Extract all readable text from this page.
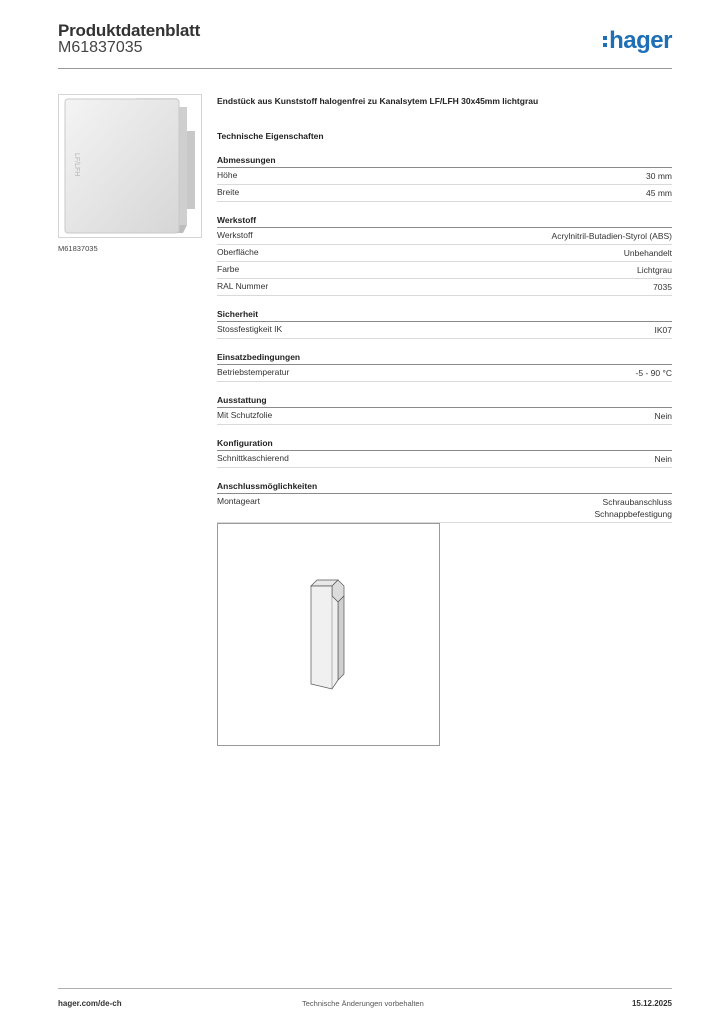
Produktdatenblatt
M61837035	hager
LF/LFH
M61837035
Endstück aus Kunststoff halogenfrei zu Kanalsytem LF/LFH 30x45mm lichtgrau
Technische Eigenschaften
Abmessungen
Höhe	30 mm
Breite	45 mm
Werkstoff
Werkstoff	Acrylnitril-Butadien-Styrol (ABS)
Oberfläche	Unbehandelt
Farbe	Lichtgrau
RAL Nummer	7035
Sicherheit
Stossfestigkeit IK	IK07
Einsatzbedingungen
Betriebstemperatur	-5 - 90 °C
Ausstattung
Mit Schutzfolie	Nein
Konfiguration
Schnittkaschierend	Nein
Anschlussmöglichkeiten
Montageart	Schraubanschluss
Schnappbefestigung
hager.com/de-ch	Technische Änderungen vorbehalten	15.12.2025
